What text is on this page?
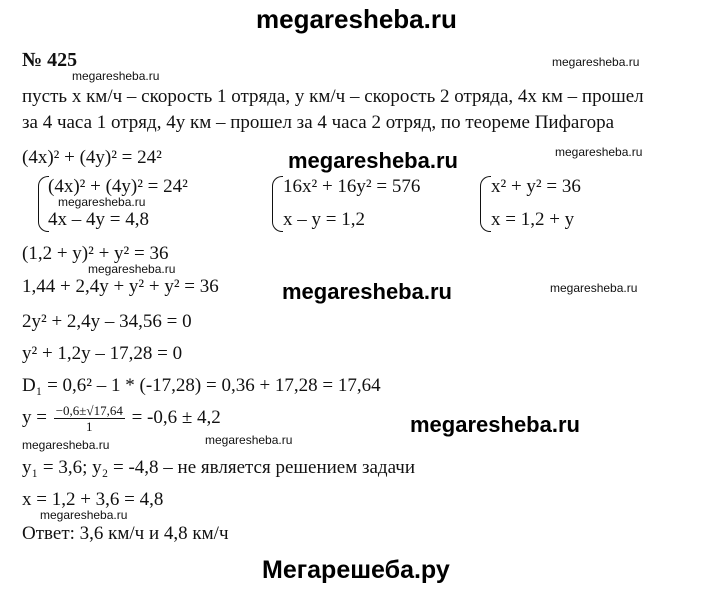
megaresheba.ru
№ 425	megaresheba.ru
megaresheba.ru
пусть х км/ч – скорость 1 отряда, у км/ч – скорость 2 отряда, 4х км – прошел
за 4 часа 1 отряд, 4у км – прошел за 4 часа 2 отряд, по теореме Пифагора
(4x)² + (4y)² = 24²	megaresheba.ru	megaresheba.ru
(4x)² + (4y)² = 24²
megaresheba.ru
4x – 4y = 4,8
16x² + 16y² = 576
x – y = 1,2
x² + y² = 36
x = 1,2 + y
(1,2 + y)² + y² = 36
megaresheba.ru
1,44 + 2,4y + y² + y² = 36	megaresheba.ru	megaresheba.ru
2y² + 2,4y – 34,56 = 0
y² + 1,2y – 17,28 = 0
D₁ = 0,6² – 1 * (-17,28) = 0,36 + 17,28 = 17,64
$y = \frac{-0,6\pm√17,64}{1} = -0,6 \pm 4,2$	megaresheba.ru
megaresheba.ru	megaresheba.ru
y₁ = 3,6; y₂ = -4,8 – не является решением задачи
x = 1,2 + 3,6 = 4,8
megaresheba.ru
Ответ: 3,6 км/ч и 4,8 км/ч
Мегарешеба.ру
